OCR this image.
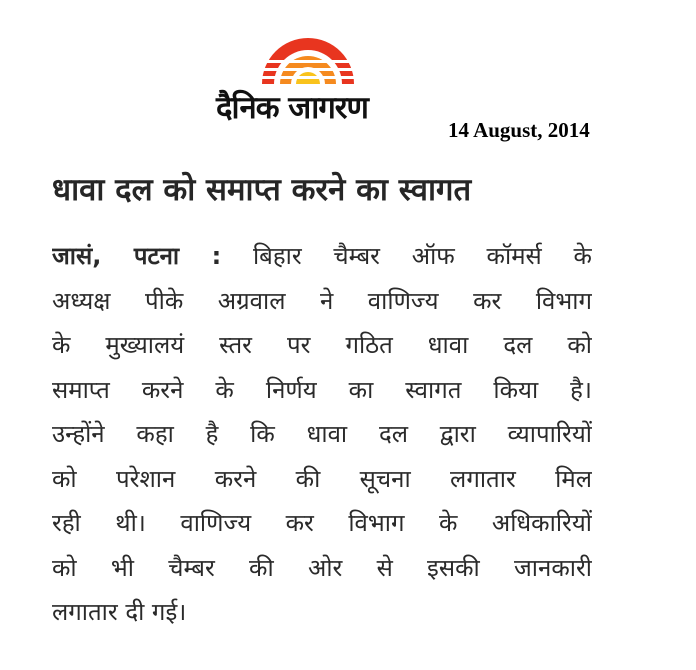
दैनिक जागरण
14 August, 2014
धावा दल को समाप्त करने का स्वागत
जासं, पटना : बिहार चैम्बर ऑफ कॉमर्स के
अध्यक्ष पीके अग्रवाल ने वाणिज्य कर विभाग
के मुख्यालयं स्तर पर गठित धावा दल को
समाप्त करने के निर्णय का स्वागत किया है।
उन्होंने कहा है कि धावा दल द्वारा व्यापारियों
को परेशान करने की सूचना लगातार मिल
रही थी। वाणिज्य कर विभाग के अधिकारियों
को भी चैम्बर की ओर से इसकी जानकारी
लगातार दी गई।
